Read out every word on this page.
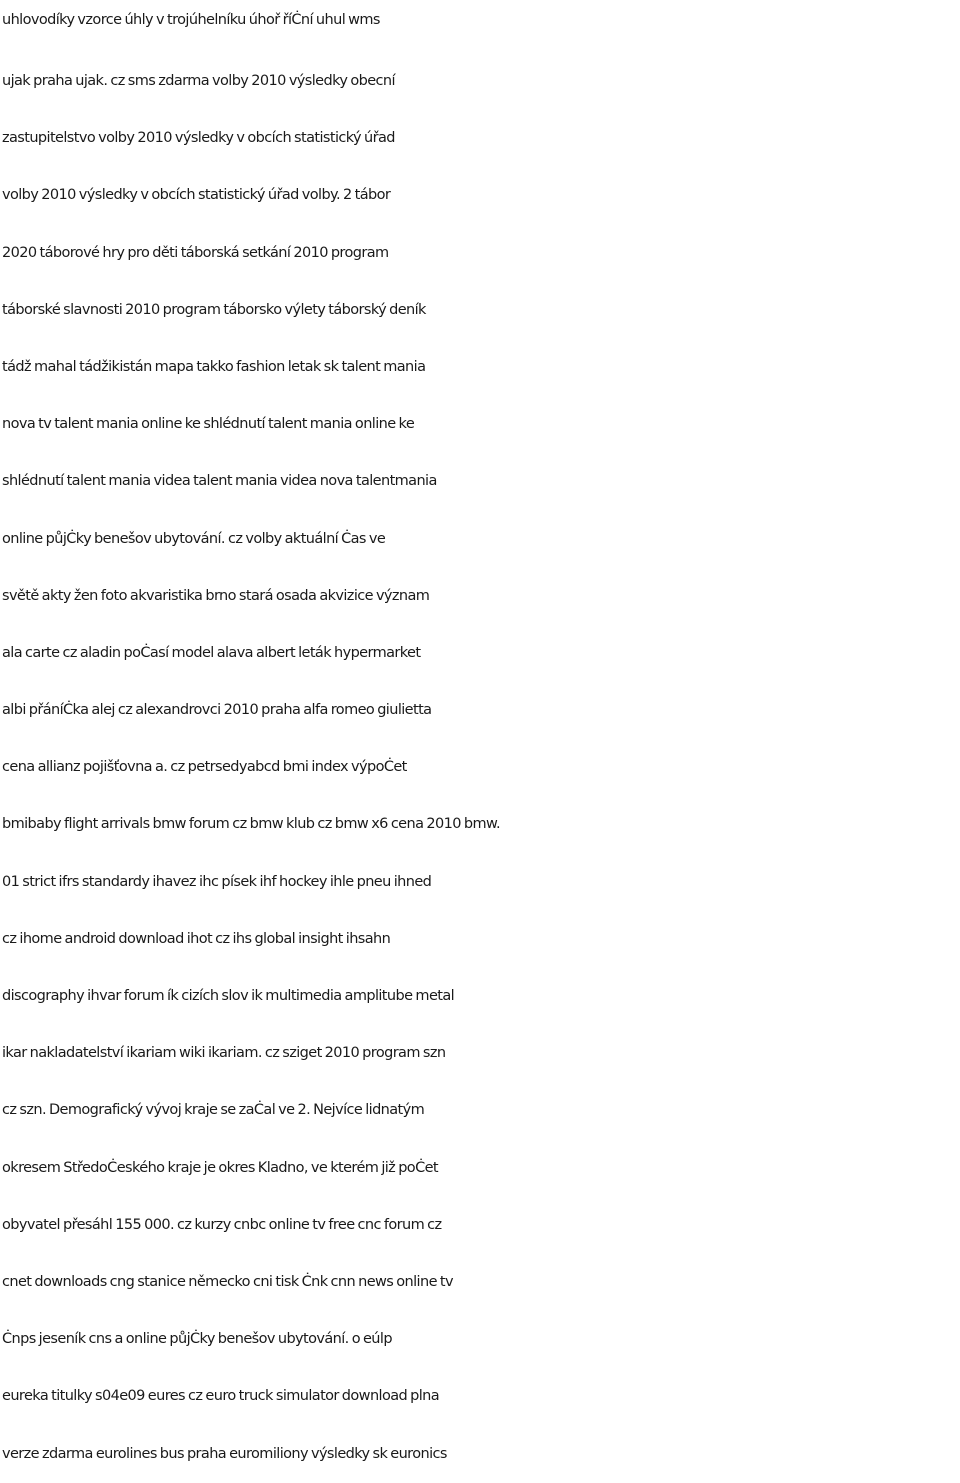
uhlovodíky vzorce úhly v trojúhelníku úhoř říĊní uhul wms
ujak praha ujak. cz sms zdarma volby 2010 výsledky obecní
zastupitelstvo volby 2010 výsledky v obcích statistický úřad
volby 2010 výsledky v obcích statistický úřad volby. 2 tábor
2020 táborové hry pro děti táborská setkání 2010 program
táborské slavnosti 2010 program táborsko výlety táborský deník
tádž mahal tádžikistán mapa takko fashion letak sk talent mania
nova tv talent mania online ke shlédnutí talent mania online ke
shlédnutí talent mania videa talent mania videa nova talentmania
online půjĊky benešov ubytování. cz volby aktuální Ċas ve
světě akty žen foto akvaristika brno stará osada akvizice význam
ala carte cz aladin poĊasí model alava albert leták hypermarket
albi přáníĊka alej cz alexandrovci 2010 praha alfa romeo giulietta
cena allianz pojišťovna a. cz petrsedyabcd bmi index výpoĊet
bmibaby flight arrivals bmw forum cz bmw klub cz bmw x6 cena 2010 bmw.
01 strict ifrs standardy ihavez ihc písek ihf hockey ihle pneu ihned
cz ihome android download ihot cz ihs global insight ihsahn
discography ihvar forum ík cizích slov ik multimedia amplitube metal
ikar nakladatelství ikariam wiki ikariam. cz sziget 2010 program szn
cz szn. Demografický vývoj kraje se zaĊal ve 2. Nejvíce lidnatým
okresem StředoĊeského kraje je okres Kladno, ve kterém již poĊet
obyvatel přesáhl 155 000. cz kurzy cnbc online tv free cnc forum cz
cnet downloads cng stanice německo cni tisk Ċnk cnn news online tv
Ċnps jeseník cns a online půjĊky benešov ubytování. o eúlp
eureka titulky s04e09 eures cz euro truck simulator download plna
verze zdarma eurolines bus praha euromiliony výsledky sk euronics
